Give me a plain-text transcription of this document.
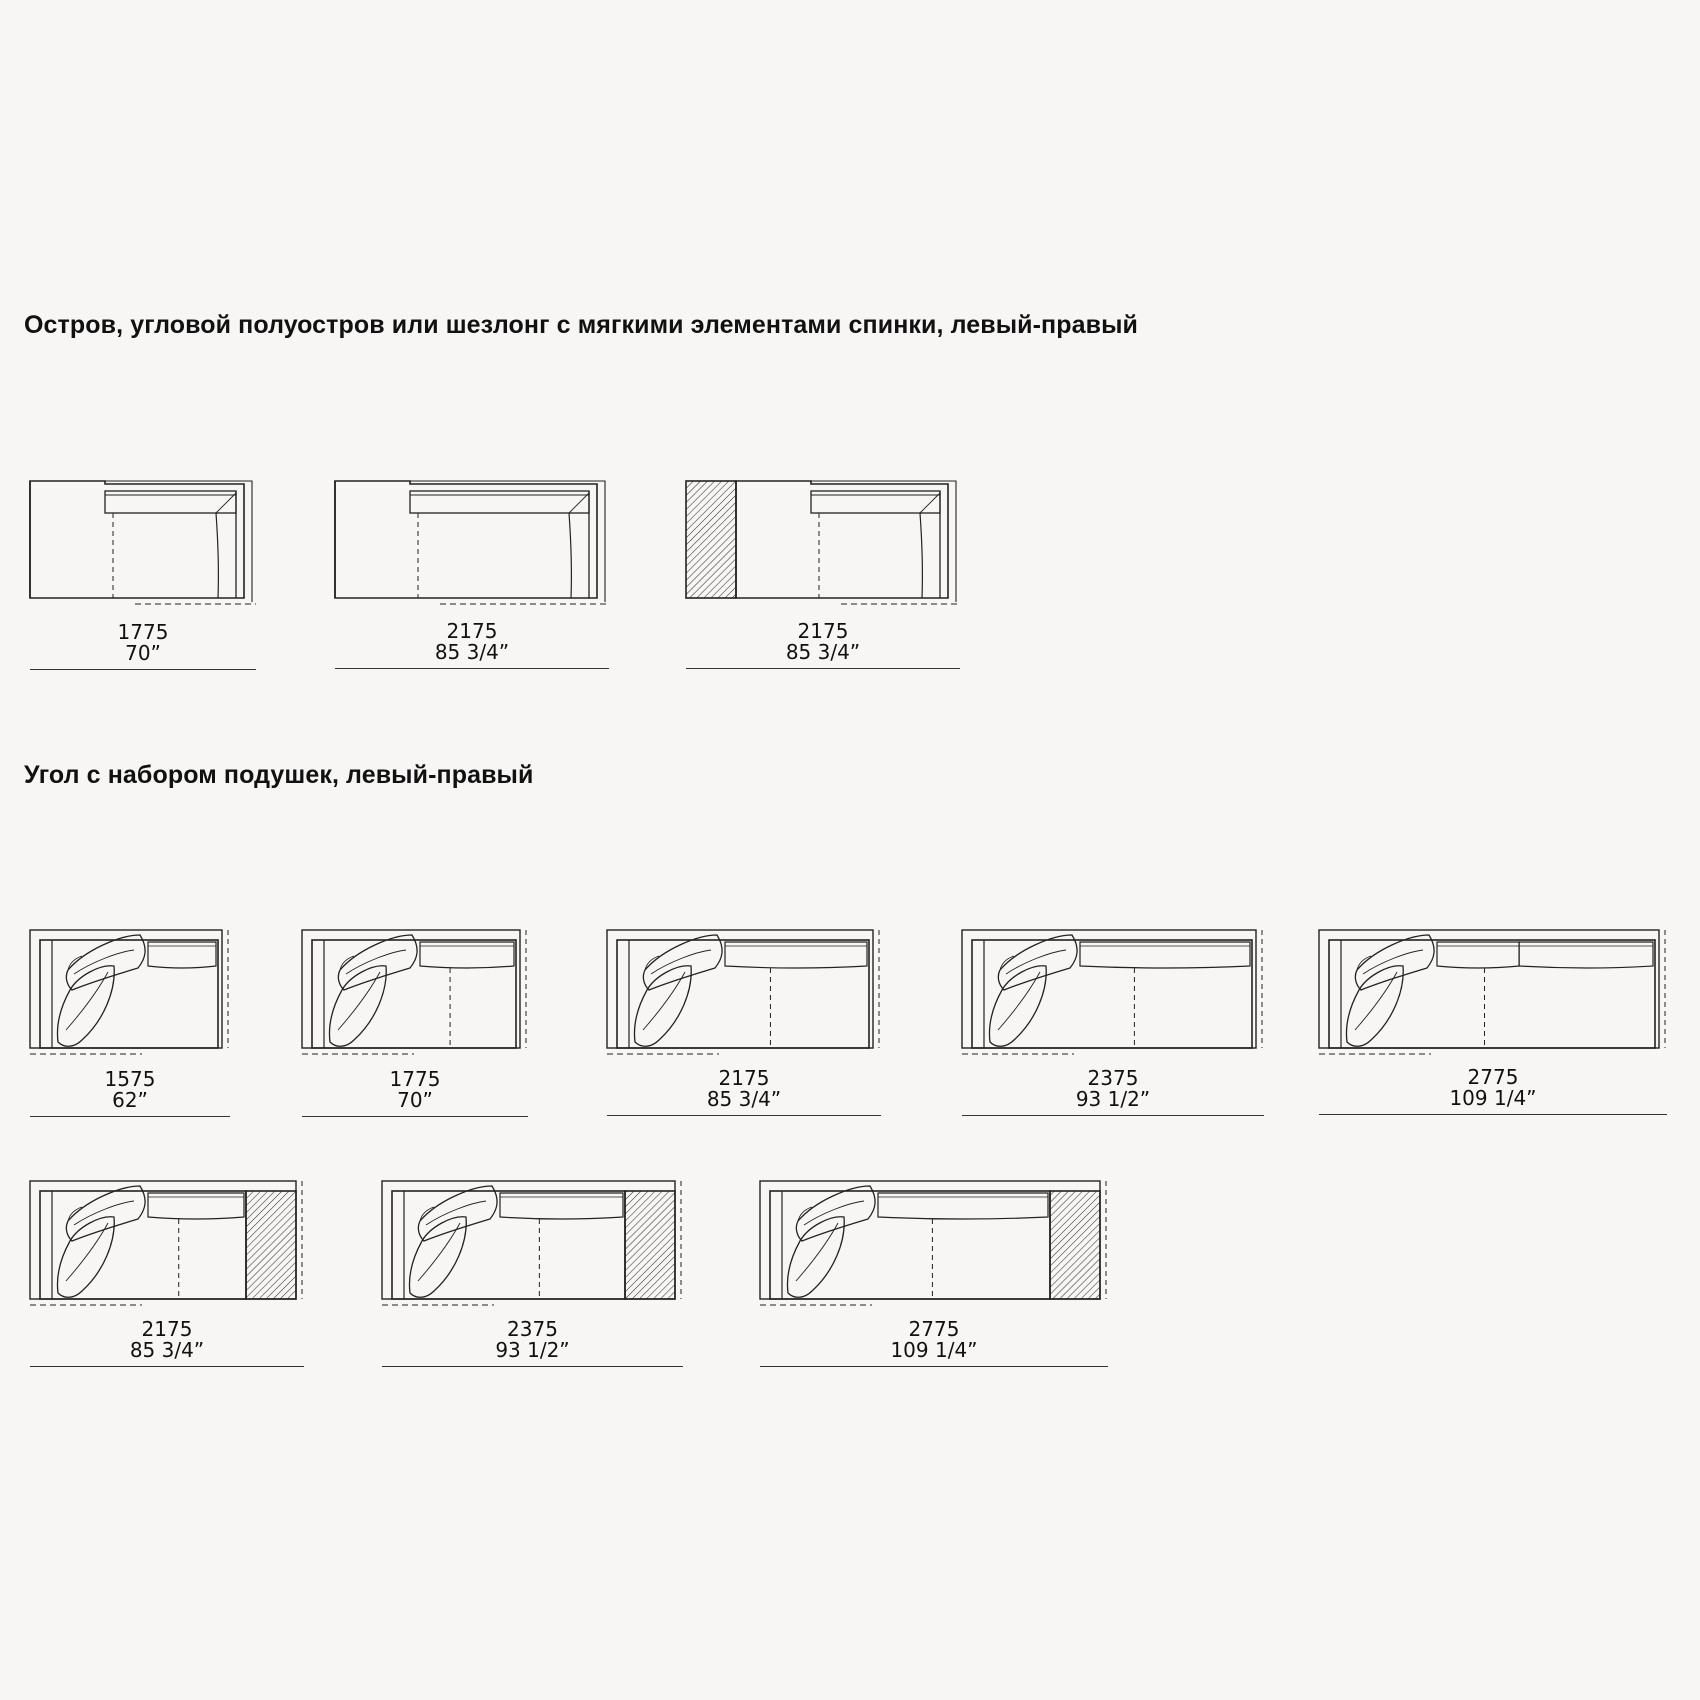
Остров, угловой полуостров или шезлонг с мягкими элементами спинки, левый-правый
1775
70”
2175
85 3/4”
2175
85 3/4”
Угол с набором подушек, левый-правый
1575
62”
1775
70”
2175
85 3/4”
2375
93 1/2”
2775
109 1/4”
2175
85 3/4”
2375
93 1/2”
2775
109 1/4”
